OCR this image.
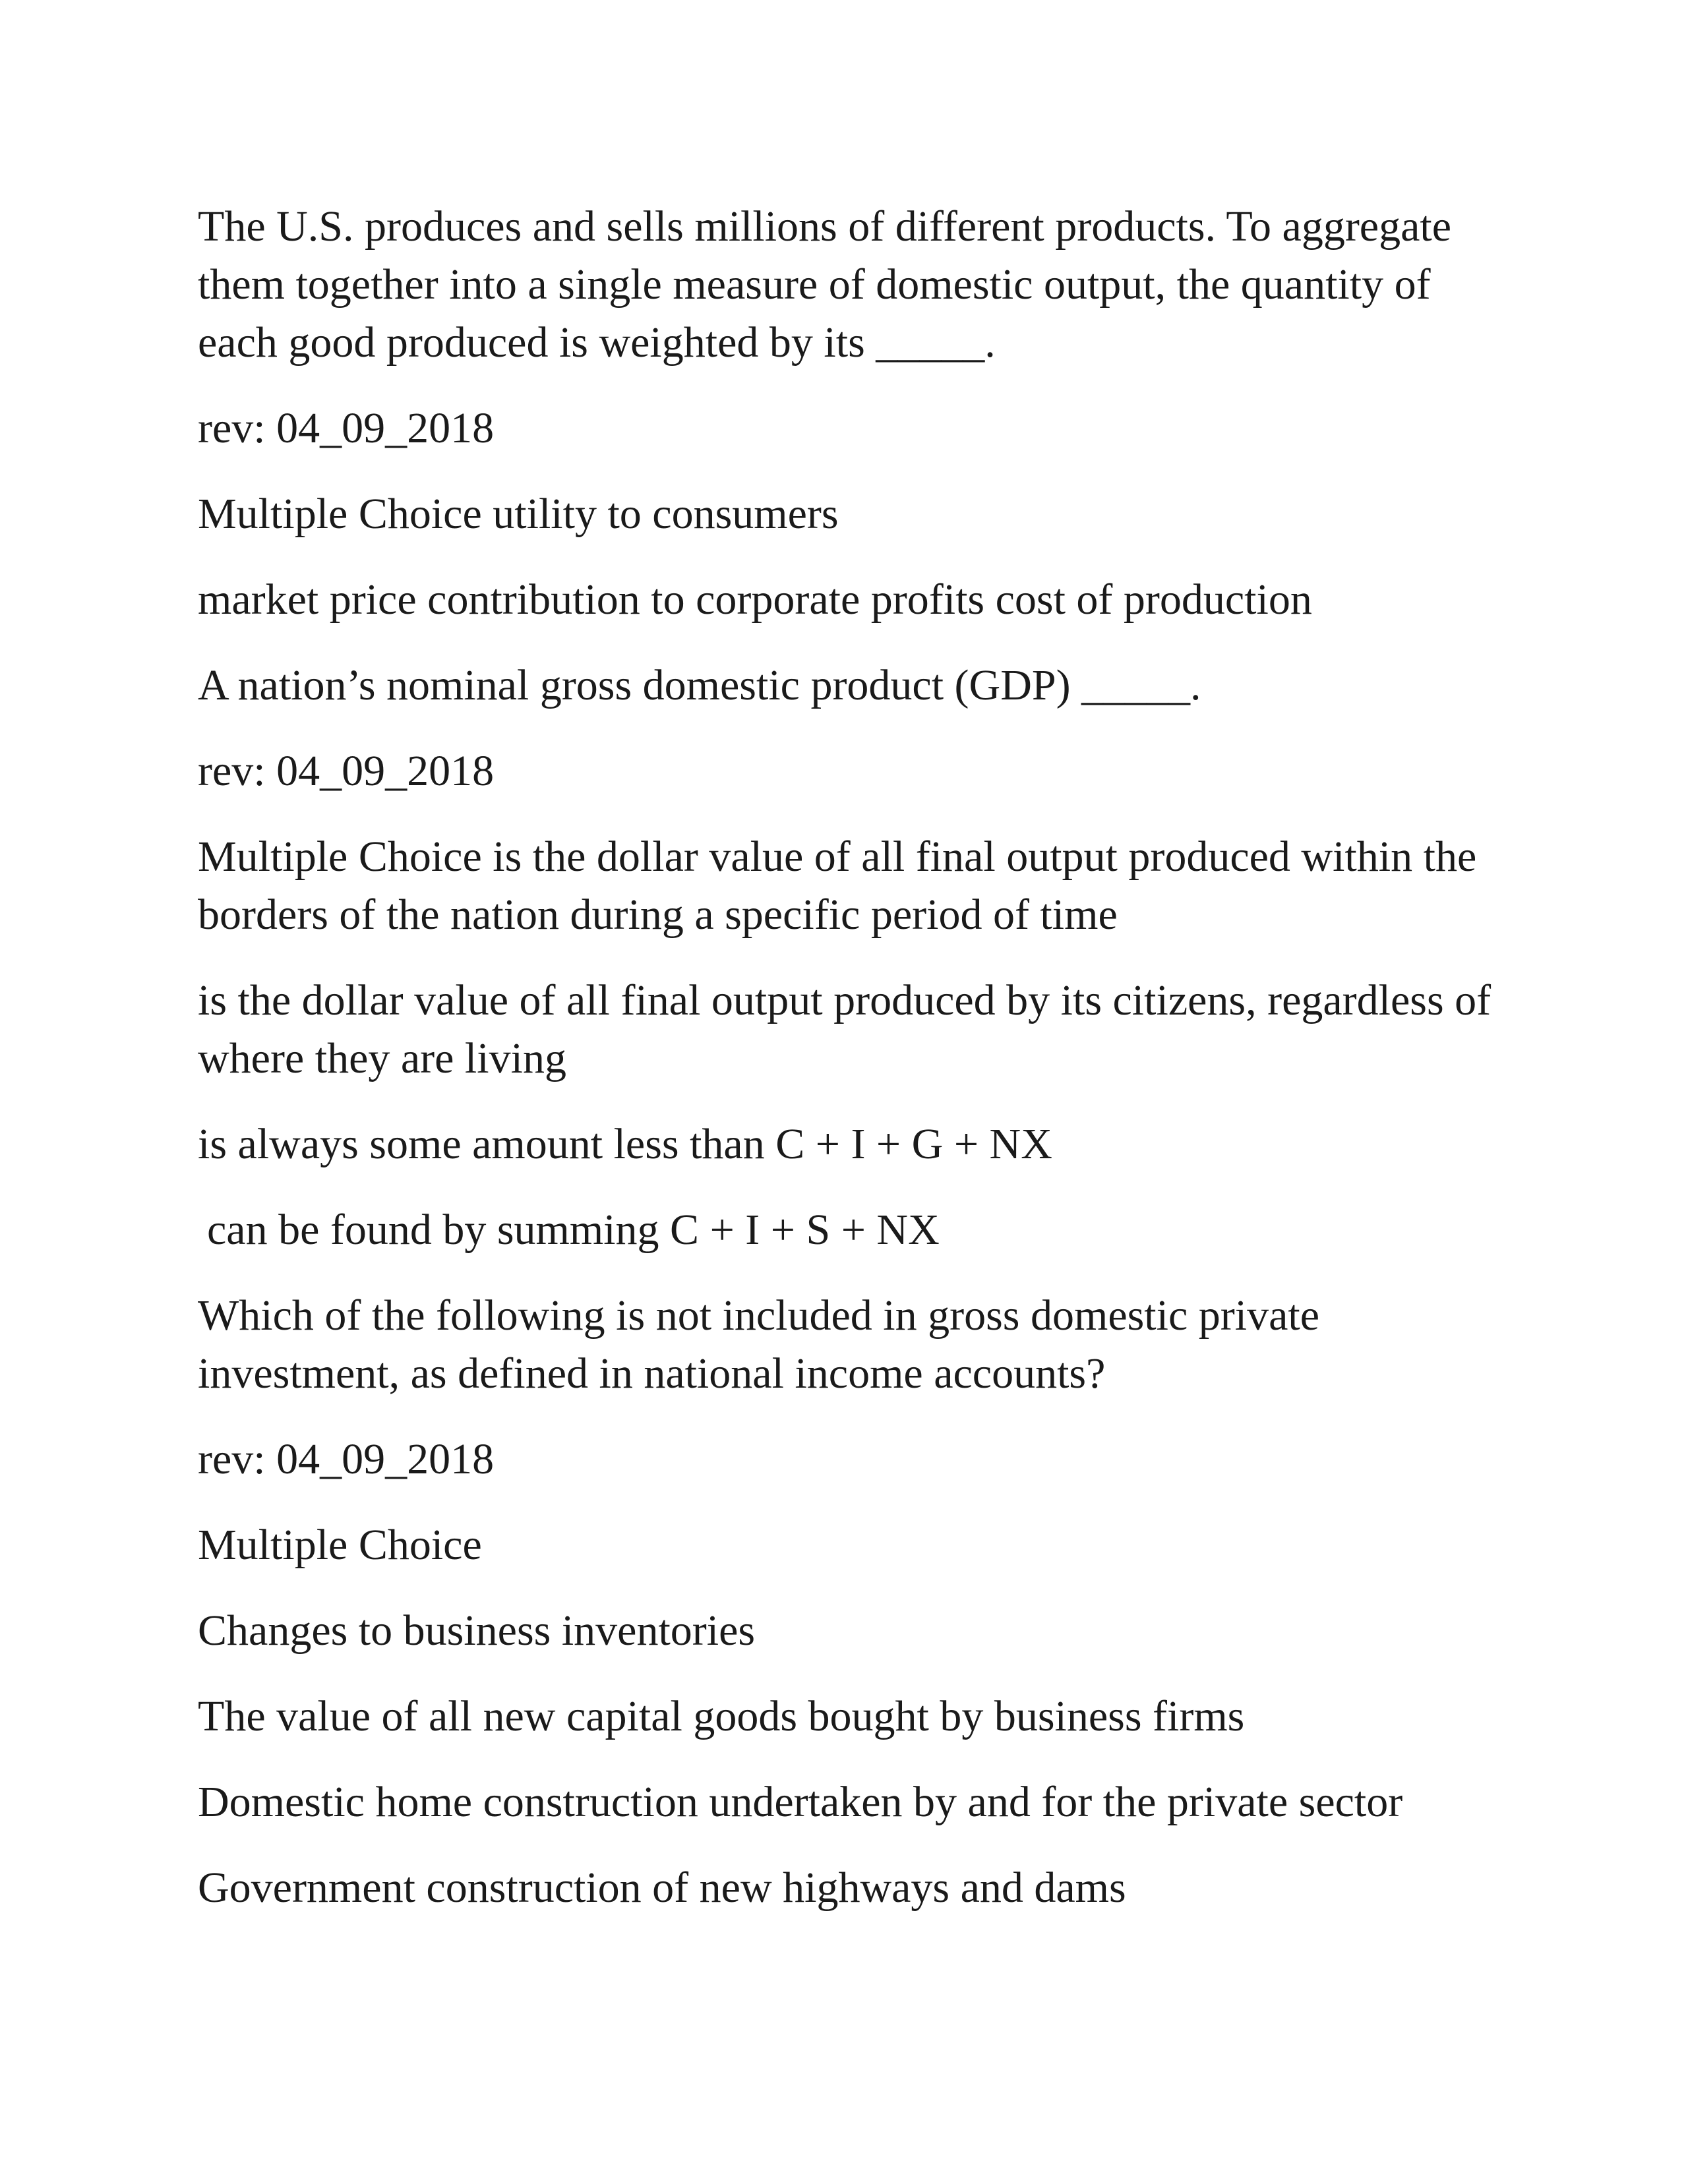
The U.S. produces and sells millions of different products. To aggregate them together into a single measure of domestic output, the quantity of each good produced is weighted by its _____.

rev: 04_09_2018

Multiple Choice utility to consumers

market price contribution to corporate profits cost of production

A nation’s nominal gross domestic product (GDP) _____.

rev: 04_09_2018

Multiple Choice is the dollar value of all final output produced within the borders of the nation during a specific period of time

is the dollar value of all final output produced by its citizens, regardless of where they are living

is always some amount less than C + I + G + NX

can be found by summing C + I + S + NX

Which of the following is not included in gross domestic private investment, as defined in national income accounts?

rev: 04_09_2018

Multiple Choice

Changes to business inventories

The value of all new capital goods bought by business firms

Domestic home construction undertaken by and for the private sector

Government construction of new highways and dams
